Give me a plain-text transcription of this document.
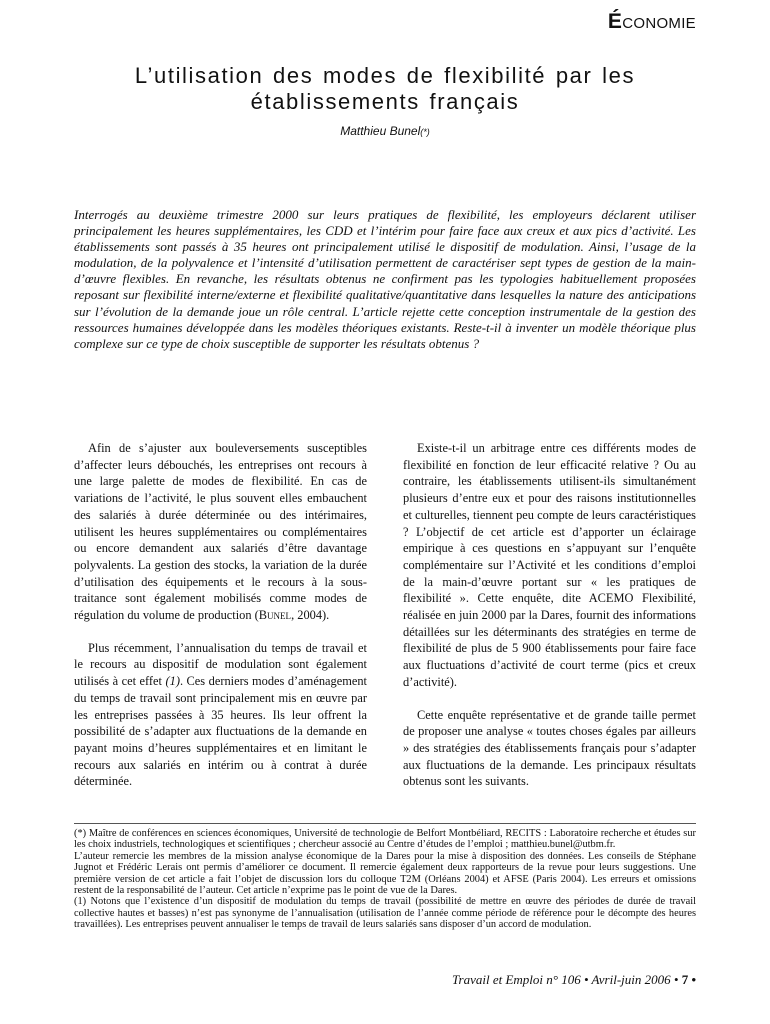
ÉCONOMIE
L’utilisation des modes de flexibilité par les établissements français
Matthieu Bunel(*)

Interrogés au deuxième trimestre 2000 sur leurs pratiques de flexibilité, les employeurs déclarent utiliser principalement les heures supplémentaires, les CDD et l’intérim pour faire face aux creux et aux pics d’activité. Les établissements sont passés à 35 heures ont principalement utilisé le dispositif de modulation. Ainsi, l’usage de la modulation, de la polyvalence et l’intensité d’utilisation permettent de caractériser sept types de gestion de la main-d’œuvre flexibles. En revanche, les résultats obtenus ne confirment pas les typologies habituellement proposées reposant sur flexibilité interne/externe et flexibilité qualitative/quantitative dans lesquelles la nature des anticipations sur l’évolution de la demande joue un rôle central. L’article rejette cette conception instrumentale de la gestion des ressources humaines développée dans les modèles théoriques existants. Reste-t-il à inventer un modèle théorique plus complexe sur ce type de choix susceptible de supporter les résultats obtenus ?

Afin de s’ajuster aux bouleversements susceptibles d’affecter leurs débouchés, les entreprises ont recours à une large palette de modes de flexibilité. En cas de variations de l’activité, le plus souvent elles embauchent des salariés à durée déterminée ou des intérimaires, utilisent les heures supplémentaires ou complémentaires ou encore demandent aux salariés d’être davantage polyvalents. La gestion des stocks, la variation de la durée d’utilisation des équipements et le recours à la sous-traitance sont également mobilisés comme modes de régulation du volume de production (Bunel, 2004).

Plus récemment, l’annualisation du temps de travail et le recours au dispositif de modulation sont également utilisés à cet effet (1). Ces derniers modes d’aménagement du temps de travail sont principalement mis en œuvre par les entreprises passées à 35 heures. Ils leur offrent la possibilité de s’adapter aux fluctuations de la demande en payant moins d’heures supplémentaires et en limitant le recours aux salariés en intérim ou à contrat à durée déterminée.

Existe-t-il un arbitrage entre ces différents modes de flexibilité en fonction de leur efficacité relative ? Ou au contraire, les établissements utilisent-ils simultanément plusieurs d’entre eux et pour des raisons institutionnelles et culturelles, tiennent peu compte de leurs caractéristiques ? L’objectif de cet article est d’apporter un éclairage empirique à ces questions en s’appuyant sur l’enquête complémentaire sur l’Activité et les conditions d’emploi de la main-d’œuvre portant sur « les pratiques de flexibilité ». Cette enquête, dite ACEMO Flexibilité, réalisée en juin 2000 par la Dares, fournit des informations détaillées sur les déterminants des stratégies en terme de flexibilité de plus de 5 900 établissements pour faire face aux fluctuations d’activité de court terme (pics et creux d’activité).

Cette enquête représentative et de grande taille permet de proposer une analyse « toutes choses égales par ailleurs » des stratégies des établissements français pour s’adapter aux fluctuations de la demande. Les principaux résultats obtenus sont les suivants.

(*) Maître de conférences en sciences économiques, Université de technologie de Belfort Montbéliard, RECITS : Laboratoire recherche et études sur les choix industriels, technologiques et scientifiques ; chercheur associé au Centre d’études de l’emploi ; matthieu.bunel@utbm.fr.

L’auteur remercie les membres de la mission analyse économique de la Dares pour la mise à disposition des données. Les conseils de Stéphane Jugnot et Frédéric Lerais ont permis d’améliorer ce document. Il remercie également deux rapporteurs de la revue pour leurs suggestions. Une première version de cet article a fait l’objet de discussion lors du colloque T2M (Orléans 2004) et AFSE (Paris 2004). Les erreurs et omissions restent de la responsabilité de l’auteur. Cet article n’exprime pas le point de vue de la Dares.

(1) Notons que l’existence d’un dispositif de modulation du temps de travail (possibilité de mettre en œuvre des périodes de durée de travail collective hautes et basses) n’est pas synonyme de l’annualisation (utilisation de l’année comme période de référence pour le décompte des heures travaillées). Les entreprises peuvent annualiser le temps de travail de leurs salariés sans disposer d’un accord de modulation.

Travail et Emploi n° 106 • Avril-juin 2006 • 7 •
